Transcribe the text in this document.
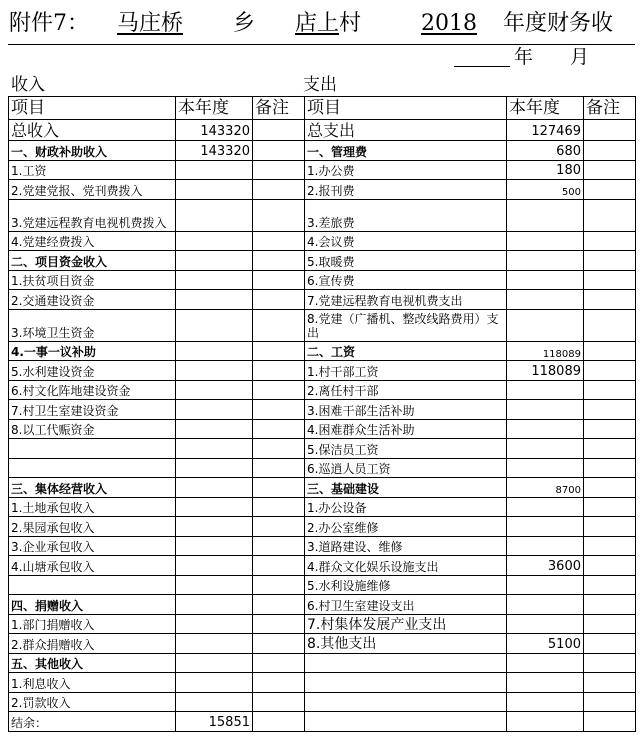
附件7： 马庄桥	乡	店上 村	2018 年度财务收
年 月
收入	支出
项目	本年度	备注	项目	本年度	备注
总收入	143320		总支出	127469	
一、财政补助收入	143320		一、管理费	680	
1.工资			1.办公费	180	
2.党建党报、党刊费拨入			2.报刊费	500	
3.党建远程教育电视机费拨入			3.差旅费		
4.党建经费拨入			4.会议费		
二、项目资金收入			5.取暖费		
1.扶贫项目资金			6.宣传费		
2.交通建设资金			7.党建远程教育电视机费支出		
3.环境卫生资金			8.党建（广播机、整改线路费用）支出		
4.一事一议补助			二、工资	118089	
5.水利建设资金			1.村干部工资	118089	
6.村文化阵地建设资金			2.离任村干部		
7.村卫生室建设资金			3.困难干部生活补助		
8.以工代赈资金			4.困难群众生活补助		
			5.保洁员工资		
			6.巡逍人员工资		
三、集体经营收入			三、基础建设	8700	
1.土地承包收入			1.办公设备		
2.果园承包收入			2.办公室维修		
3.企业承包收入			3.道路建设、维修		
4.山塘承包收入			4.群众文化娱乐设施支出	3600	
			5.水利设施维修		
四、捐赠收入			6.村卫生室建设支出		
1.部门捐赠收入			7.村集体发展产业支出		
2.群众捐赠收入			8.其他支出	5100	
五、其他收入					
1.利息收入					
2.罚款收入					
结余：	15851				
